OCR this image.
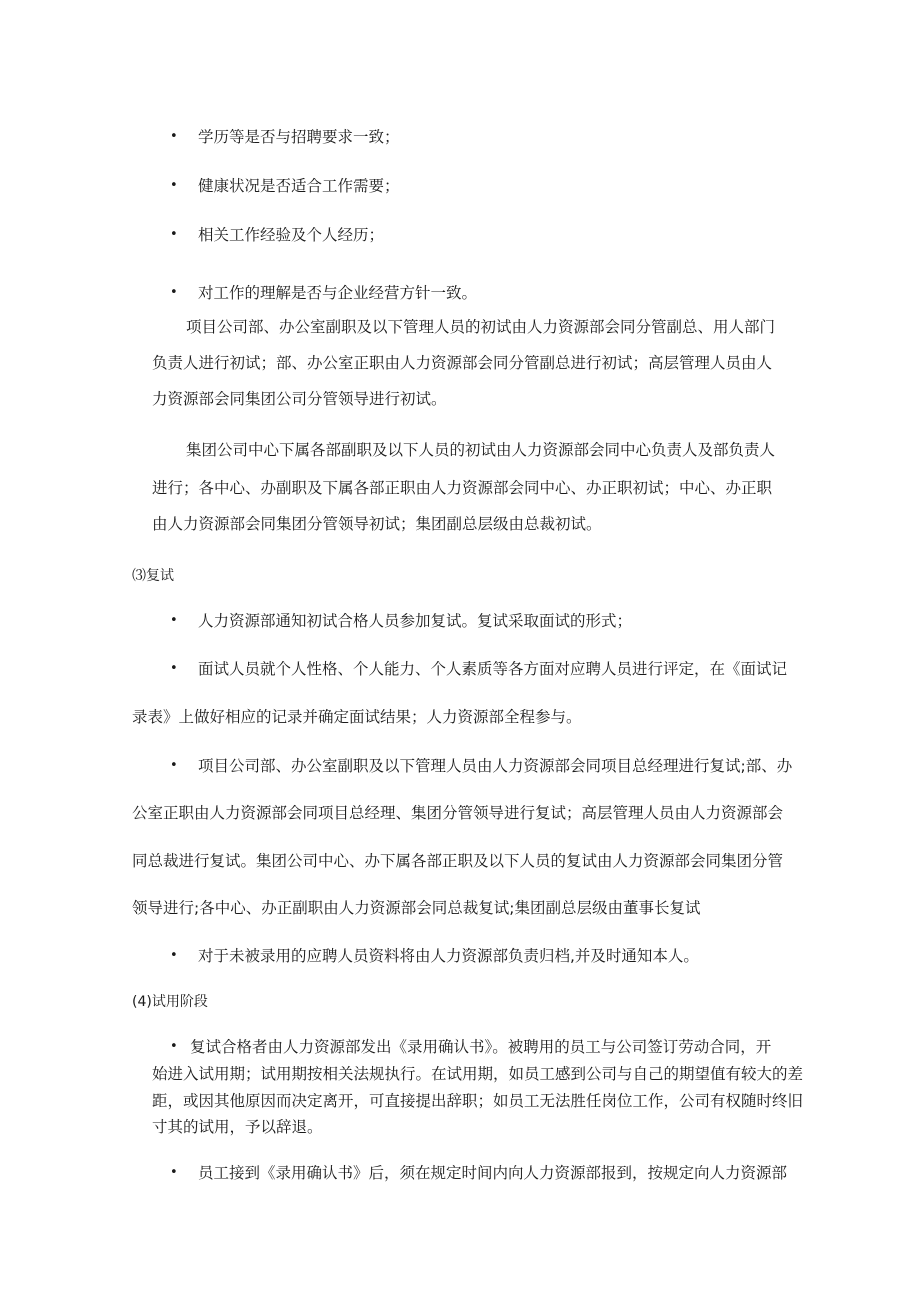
• 学历等是否与招聘要求一致；
• 健康状况是否适合工作需要；
• 相关工作经验及个人经历；
• 对工作的理解是否与企业经营方针一致。
项目公司部、办公室副职及以下管理人员的初试由人力资源部会同分管副总、用人部门
负责人进行初试；部、办公室正职由人力资源部会同分管副总进行初试；高层管理人员由人
力资源部会同集团公司分管领导进行初试。
集团公司中心下属各部副职及以下人员的初试由人力资源部会同中心负责人及部负责人
进行；各中心、办副职及下属各部正职由人力资源部会同中心、办正职初试；中心、办正职
由人力资源部会同集团分管领导初试；集团副总层级由总裁初试。
⑶复试
• 人力资源部通知初试合格人员参加复试。复试采取面试的形式；
• 面试人员就个人性格、个人能力、个人素质等各方面对应聘人员进行评定，在《面试记
录表》上做好相应的记录并确定面试结果；人力资源部全程参与。
• 项目公司部、办公室副职及以下管理人员由人力资源部会同项目总经理进行复试;部、办
公室正职由人力资源部会同项目总经理、集团分管领导进行复试；高层管理人员由人力资源部会
同总裁进行复试。集团公司中心、办下属各部正职及以下人员的复试由人力资源部会同集团分管
领导进行;各中心、办正副职由人力资源部会同总裁复试;集团副总层级由董事长复试
• 对于未被录用的应聘人员资料将由人力资源部负责归档,并及时通知本人。
(4)试用阶段
• 复试合格者由人力资源部发出《录用确认书》。被聘用的员工与公司签订劳动合同，开
始进入试用期；试用期按相关法规执行。在试用期，如员工感到公司与自己的期望值有较大的差
距，或因其他原因而决定离开，可直接提出辞职；如员工无法胜任岗位工作，公司有权随时终旧
寸其的试用，予以辞退。
• 员工接到《录用确认书》后，须在规定时间内向人力资源部报到，按规定向人力资源部
